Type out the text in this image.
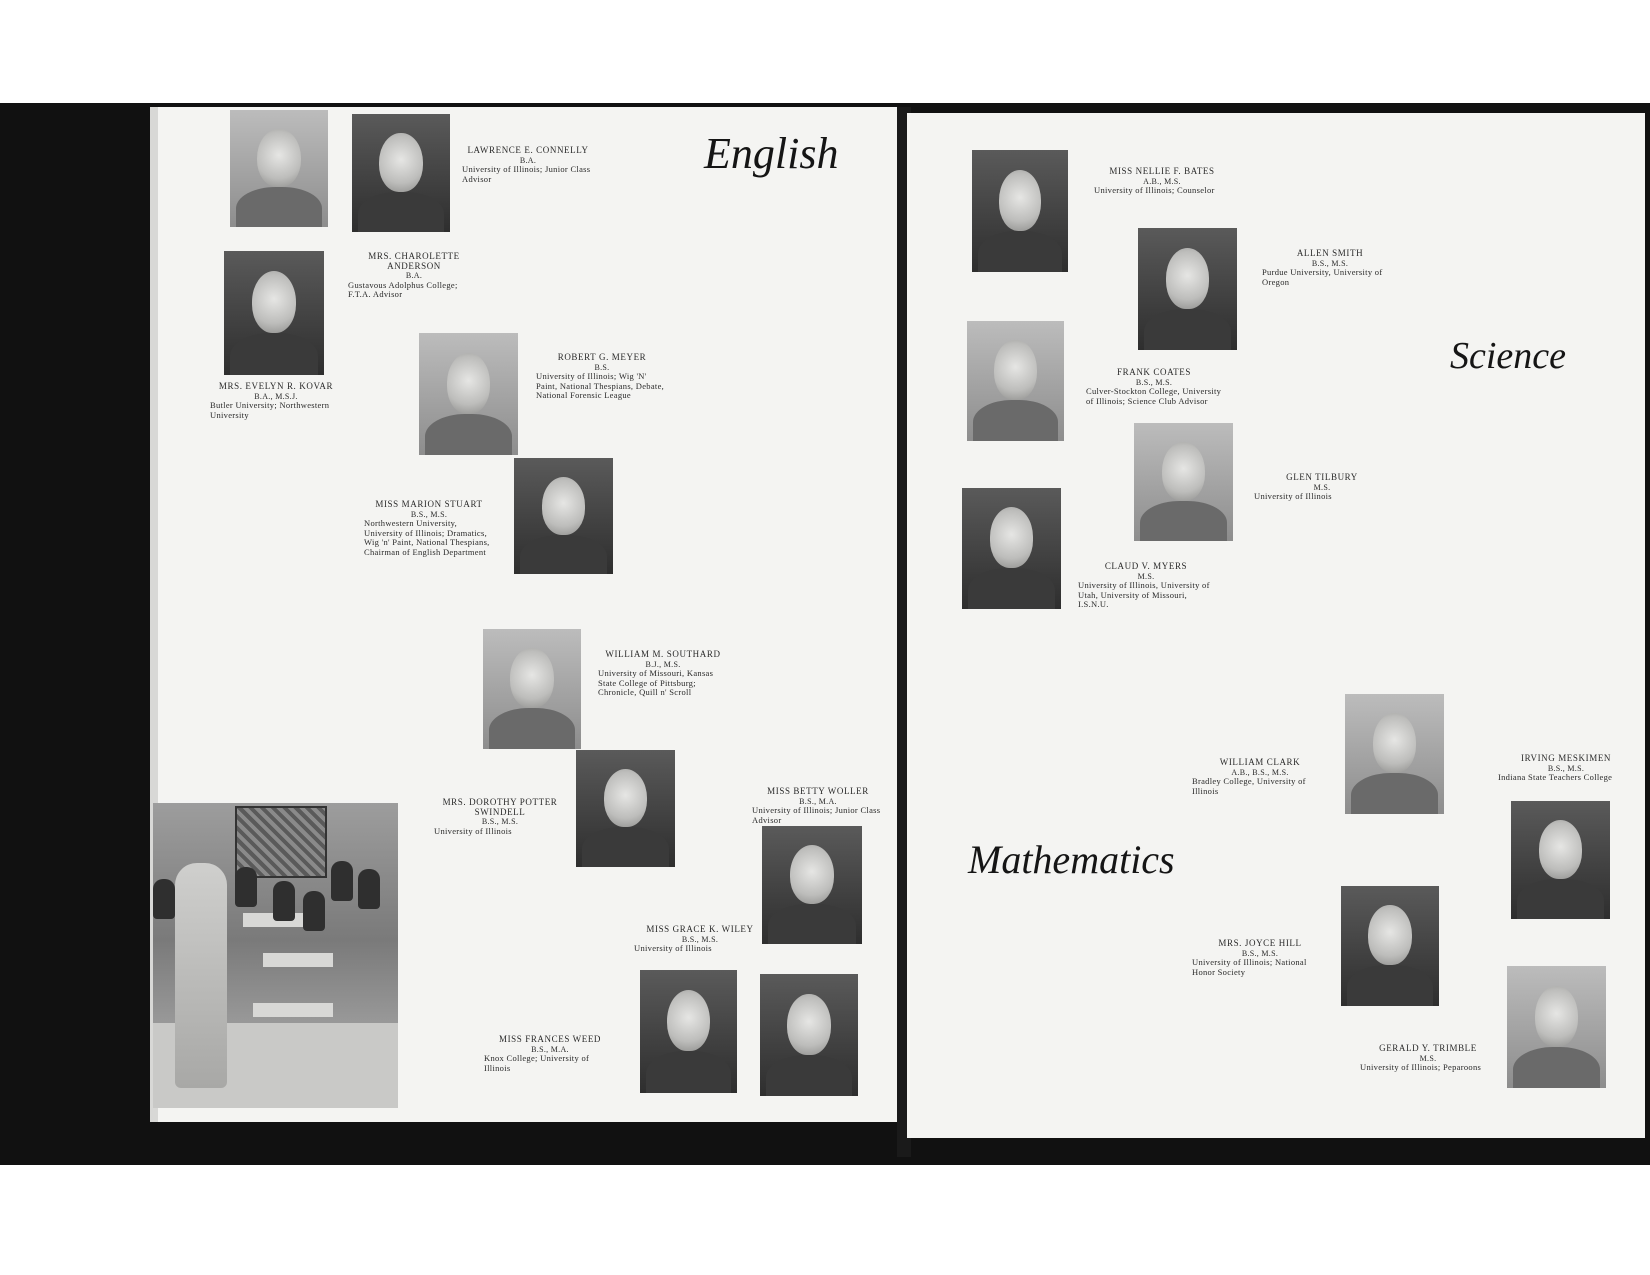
English
LAWRENCE E. CONNELLY
B.A.
University of Illinois; Junior Class Advisor
MRS. CHAROLETTE ANDERSON
B.A.
Gustavous Adolphus College; F.T.A. Advisor
MRS. EVELYN R. KOVAR
B.A., M.S.J.
Butler University; Northwestern University
ROBERT G. MEYER
B.S.
University of Illinois; Wig 'N' Paint, National Thespians, Debate, National Forensic League
MISS MARION STUART
B.S., M.S.
Northwestern University, University of Illinois; Dramatics, Wig 'n' Paint, National Thespians, Chairman of English Department
WILLIAM M. SOUTHARD
B.J., M.S.
University of Missouri, Kansas State College of Pittsburg; Chronicle, Quill n' Scroll
MRS. DOROTHY POTTER SWINDELL
B.S., M.S.
University of Illinois
MISS BETTY WOLLER
B.S., M.A.
University of Illinois; Junior Class Advisor
MISS GRACE K. WILEY
B.S., M.S.
University of Illinois
MISS FRANCES WEED
B.S., M.A.
Knox College; University of Illinois
Science
Mathematics
MISS NELLIE F. BATES
A.B., M.S.
University of Illinois; Counselor
ALLEN SMITH
B.S., M.S.
Purdue University, University of Oregon
FRANK COATES
B.S., M.S.
Culver-Stockton College, University of Illinois; Science Club Advisor
GLEN TILBURY
M.S.
University of Illinois
CLAUD V. MYERS
M.S.
University of Illinois, University of Utah, University of Missouri, I.S.N.U.
WILLIAM CLARK
A.B., B.S., M.S.
Bradley College, University of Illinois
IRVING MESKIMEN
B.S., M.S.
Indiana State Teachers College
MRS. JOYCE HILL
B.S., M.S.
University of Illinois; National Honor Society
GERALD Y. TRIMBLE
M.S.
University of Illinois; Peparoons
